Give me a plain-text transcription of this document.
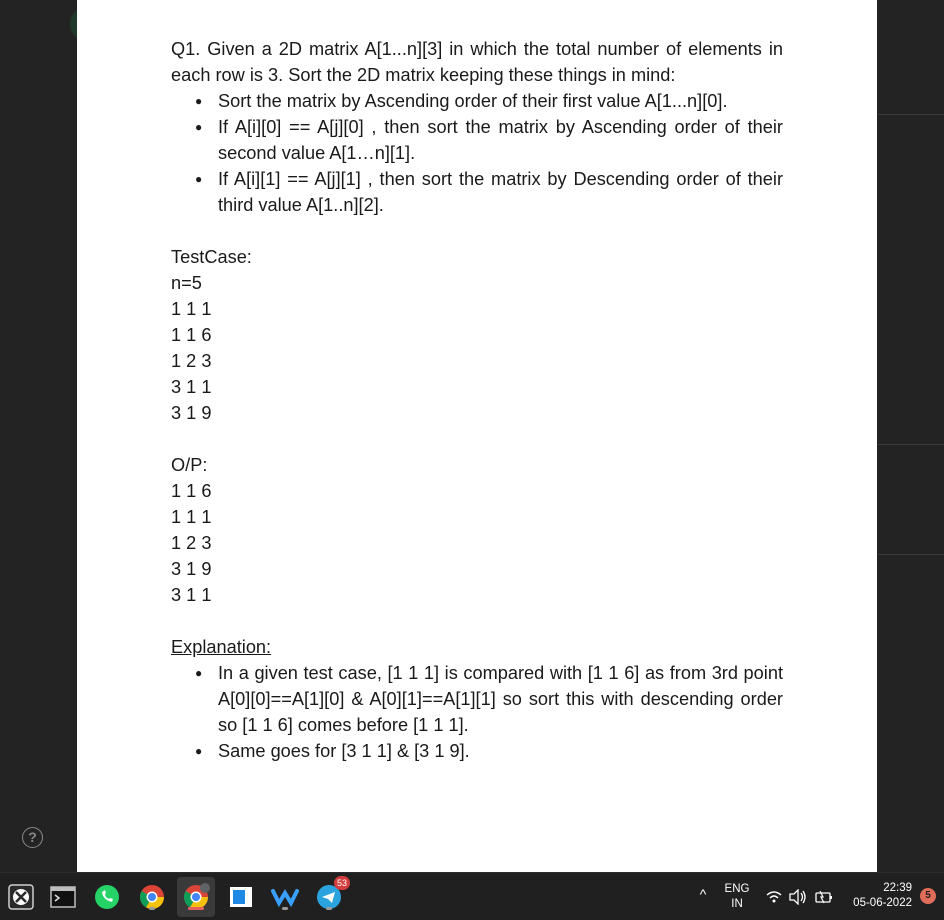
?

Q1. Given a 2D matrix A[1...n][3] in which the total number of elements in each row is 3. Sort the 2D matrix keeping these things in mind:

● Sort the matrix by Ascending order of their first value A[1...n][0].
● If A[i][0] == A[j][0] , then sort the matrix by Ascending order of their second value A[1…n][1].
● If A[i][1] == A[j][1] , then sort the matrix by Descending order of their third value A[1..n][2].

TestCase:

n=5

1 1 1

1 1 6

1 2 3

3 1 1

3 1 9

O/P:

1 1 6

1 1 1

1 2 3

3 1 9

3 1 1

Explanation:

● In a given test case, [1 1 1] is compared with [1 1 6] as from 3rd point A[0][0]==A[1][0] & A[0][1]==A[1][1] so sort this with descending order so [1 1 6] comes before [1 1 1].
● Same goes for [3 1 1] & [3 1 9].
53
^	ENG
IN
22:39
05-06-2022
5
